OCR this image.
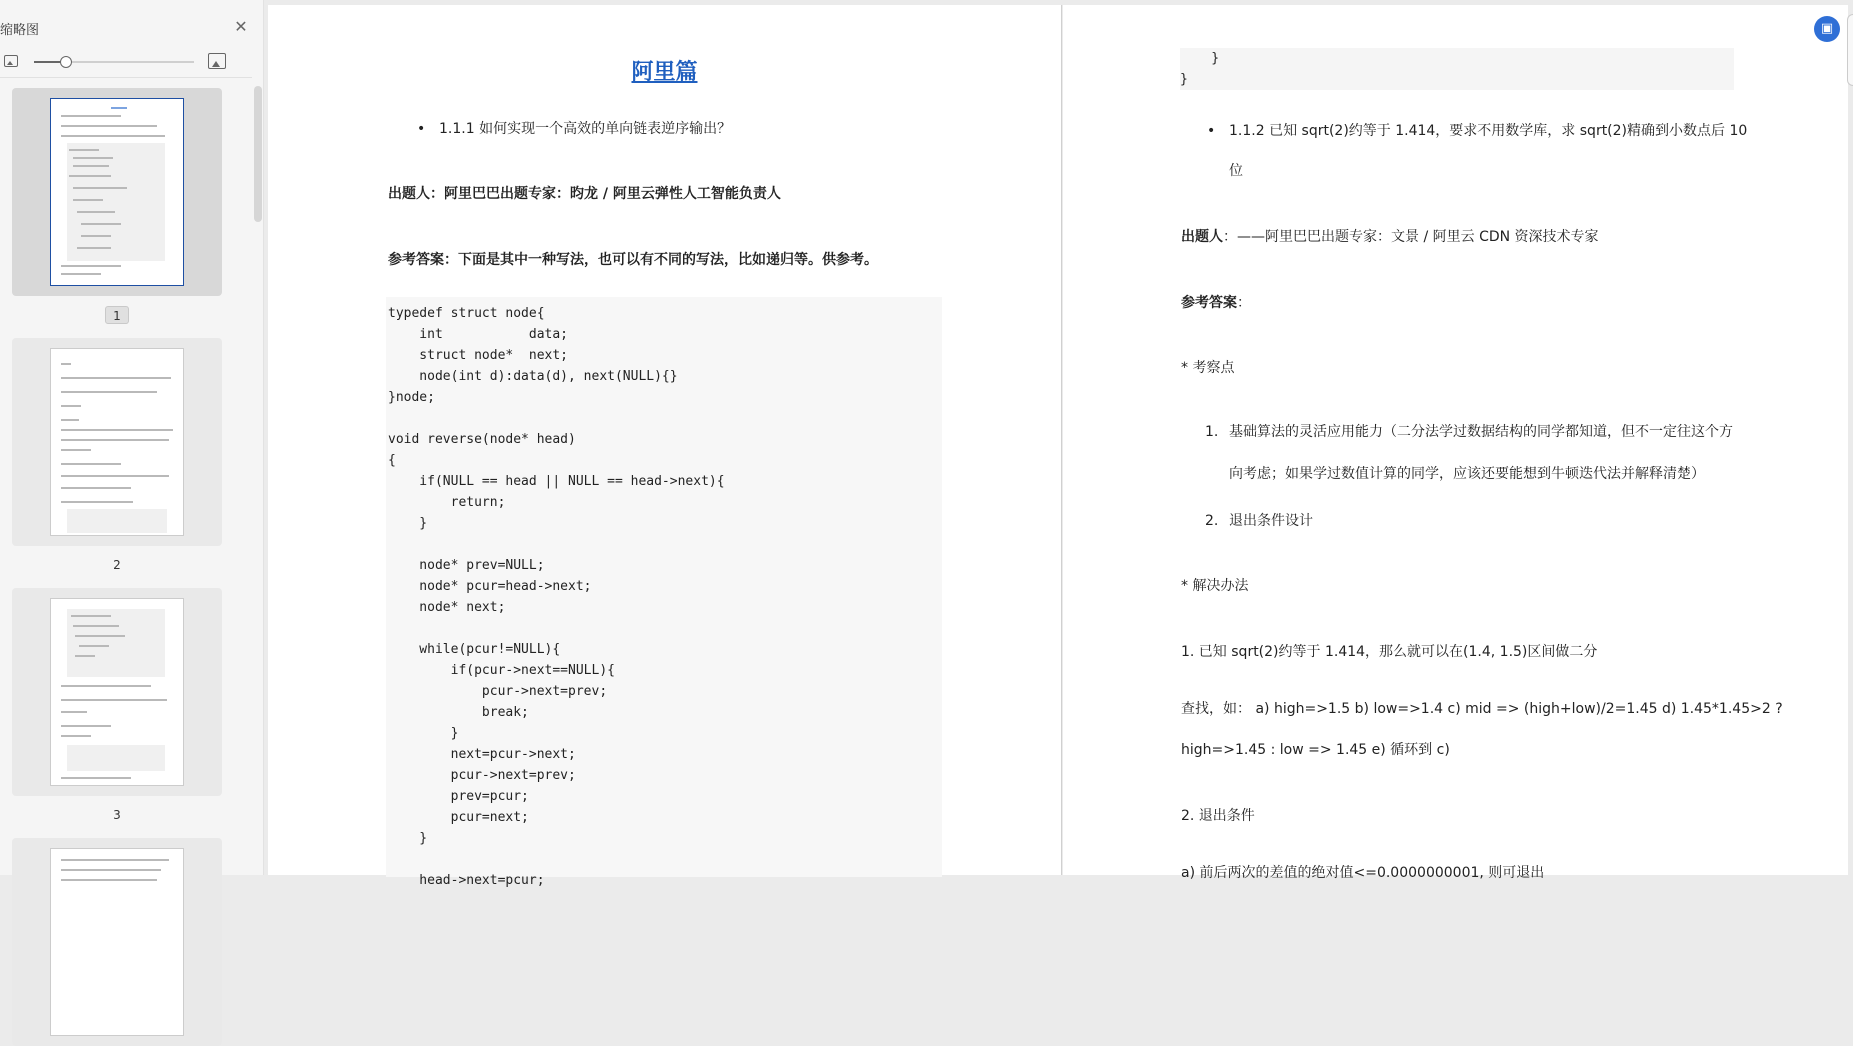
缩略图	✕
1
2
3
阿里篇
• 1.1.1 如何实现一个高效的单向链表逆序输出？
出题人：阿里巴巴出题专家：昀龙 / 阿里云弹性人工智能负责人
参考答案：下面是其中一种写法，也可以有不同的写法，比如递归等。供参考。
typedef struct node{
int           data;
struct node*  next;
node(int d):data(d), next(NULL){}
}node;
void reverse(node* head)
{
if(NULL == head || NULL == head->next){
return;
}
node* prev=NULL;
node* pcur=head->next;
node* next;
while(pcur!=NULL){
if(pcur->next==NULL){
pcur->next=prev;
break;
}
next=pcur->next;
pcur->next=prev;
prev=pcur;
pcur=next;
}
head->next=pcur;
}
}
• 1.1.2 已知 sqrt(2)约等于 1.414，要求不用数学库，求 sqrt(2)精确到小数点后 10
位
出题人：——阿里巴巴出题专家：文景 / 阿里云 CDN 资深技术专家
参考答案：
* 考察点
1. 基础算法的灵活应用能力（二分法学过数据结构的同学都知道，但不一定往这个方
向考虑；如果学过数值计算的同学，应该还要能想到牛顿迭代法并解释清楚）
2. 退出条件设计
* 解决办法
1. 已知 sqrt(2)约等于 1.414，那么就可以在(1.4, 1.5)区间做二分
查找，如： a) high=>1.5 b) low=>1.4 c) mid => (high+low)/2=1.45 d) 1.45*1.45>2 ?
high=>1.45 : low => 1.45 e) 循环到 c)
2. 退出条件
a) 前后两次的差值的绝对值<=0.0000000001, 则可退出
▣
